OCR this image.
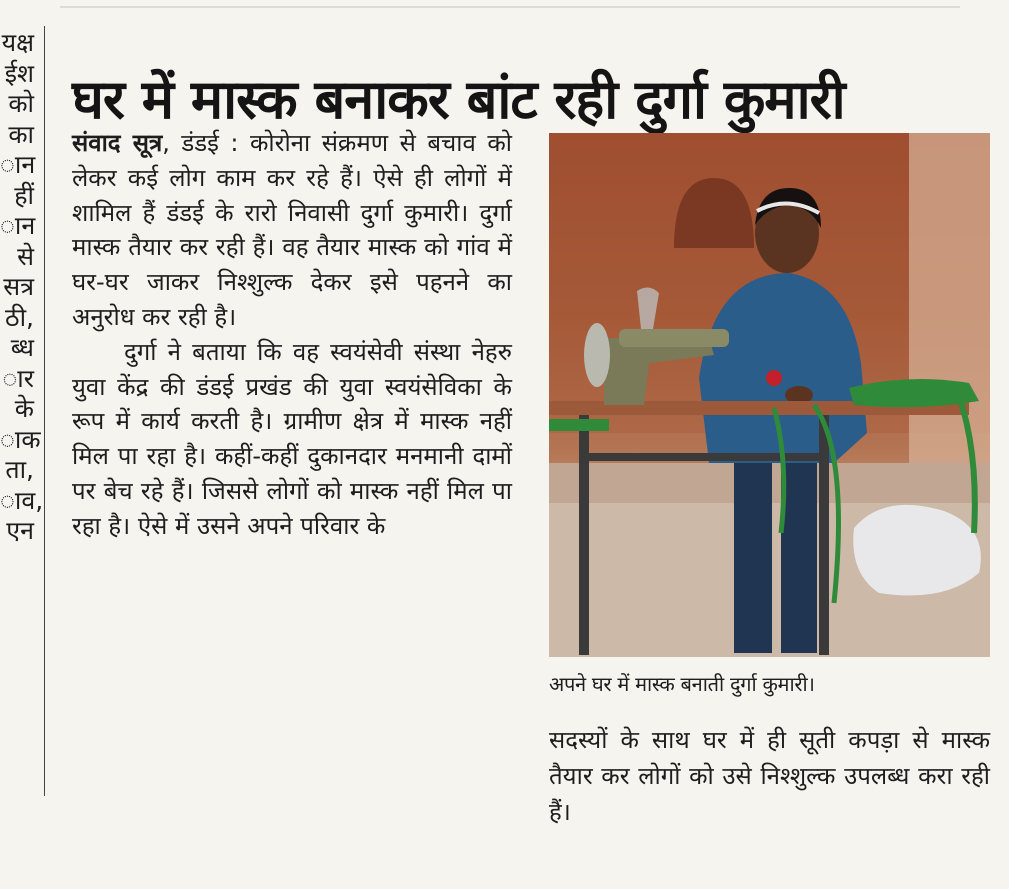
यक्ष
ईश
को
का
ान
हीं
ान
से
सत्र
ठी,
ब्ध
ार
के
ाक
ता,
ाव,
एन
घर में मास्क बनाकर बांट रही दुर्गा कुमारी

संवाद सूत्र, डंडई : कोरोना संक्रमण से बचाव को लेकर कई लोग काम कर रहे हैं। ऐसे ही लोगों में शामिल हैं डंडई के रारो निवासी दुर्गा कुमारी। दुर्गा मास्क तैयार कर रही हैं। वह तैयार मास्क को गांव में घर-घर जाकर निश्शुल्क देकर इसे पहनने का अनुरोध कर रही है।

दुर्गा ने बताया कि वह स्वयंसेवी संस्था नेहरु युवा केंद्र की डंडई प्रखंड की युवा स्वयंसेविका के रूप में कार्य करती है। ग्रामीण क्षेत्र में मास्क नहीं मिल पा रहा है। कहीं-कहीं दुकानदार मनमानी दामों पर बेच रहे हैं। जिससे लोगों को मास्क नहीं मिल पा रहा है। ऐसे में उसने अपने परिवार के

अपने घर में मास्क बनाती दुर्गा कुमारी।

सदस्यों के साथ घर में ही सूती कपड़ा से मास्क तैयार कर लोगों को उसे निश्शुल्क उपलब्ध करा रही हैं।
